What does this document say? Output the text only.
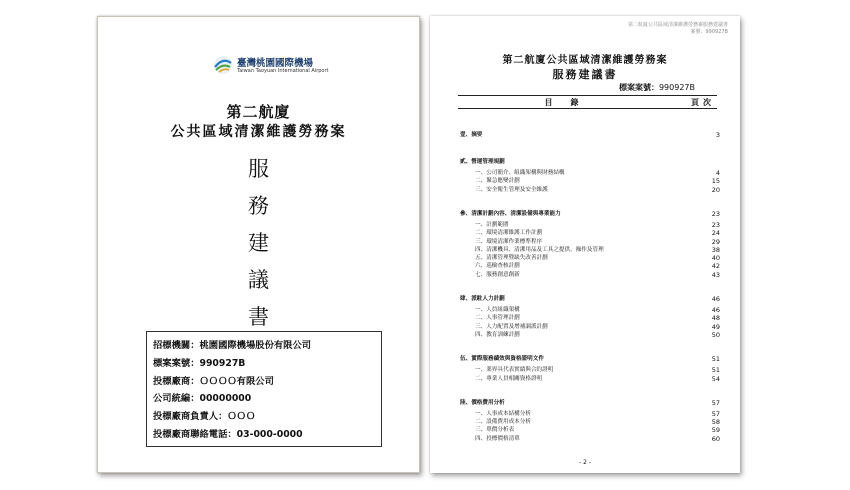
臺灣桃園國際機場
Taiwan Taoyuan International Airport
第二航廈
公共區域清潔維護勞務案
服
務
建
議
書
招標機關：桃園國際機場股份有限公司
標案案號：990927B
投標廠商：ＯＯＯＯ有限公司
公司統編：00000000
投標廠商負責人：ＯＯＯ
投標廠商聯絡電話：03-000-0000
第二航廈公共區域清潔維護勞務案服務建議書
案號：990927B
第二航廈公共區域清潔維護勞務案
服務建議書
標案案號：990927B
目錄	頁次
壹、摘要	3
貳、營運管理規劃
一、公司簡介、組織架構與財務結構	4
二、緊急應變計劃	15
三、安全衛生管理及安全維護	20
參、清潔計劃內容、清潔設備與專業能力	23
一、計劃範圍	23
二、環境清潔維護工作計劃	24
三、環境清潔作業標準程序	29
四、清潔機具、清潔用品及工具之提供、操作及管理	38
五、清潔管理暨缺失改善計劃	40
六、巡檢查核計劃	42
七、服務創意創新	43
肆、派駐人力計劃	46
一、人員組織架構	46
二、人事管理計劃	48
三、人力配置及增補調派計劃	49
四、教育訓練計劃	50
伍、實際服務績效與資格證明文件	51
一、業界具代表實績與合約證明	51
二、專業人員相關資格證明	54
陸、價格費用分析	57
一、人事成本結構分析	57
二、設備費用成本分析	58
三、單價分析表	59
四、投標價格清單	60
- 2 -
